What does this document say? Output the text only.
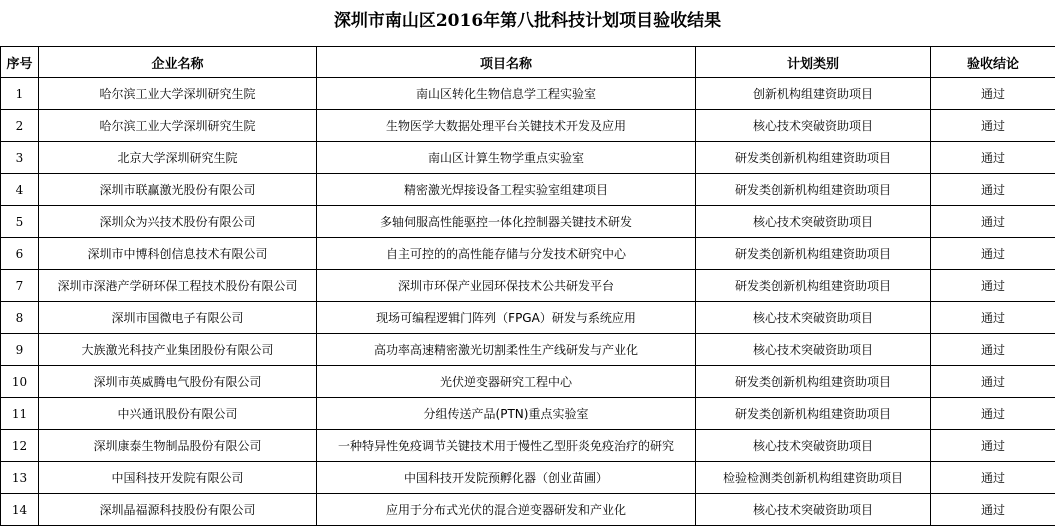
深圳市南山区2016年第八批科技计划项目验收结果
序号	企业名称	项目名称	计划类别	验收结论
1	哈尔滨工业大学深圳研究生院	南山区转化生物信息学工程实验室	创新机构组建资助项目	通过
2	哈尔滨工业大学深圳研究生院	生物医学大数据处理平台关键技术开发及应用	核心技术突破资助项目	通过
3	北京大学深圳研究生院	南山区计算生物学重点实验室	研发类创新机构组建资助项目	通过
4	深圳市联赢激光股份有限公司	精密激光焊接设备工程实验室组建项目	研发类创新机构组建资助项目	通过
5	深圳众为兴技术股份有限公司	多轴伺服高性能驱控一体化控制器关键技术研发	核心技术突破资助项目	通过
6	深圳市中博科创信息技术有限公司	自主可控的的高性能存储与分发技术研究中心	研发类创新机构组建资助项目	通过
7	深圳市深港产学研环保工程技术股份有限公司	深圳市环保产业园环保技术公共研发平台	研发类创新机构组建资助项目	通过
8	深圳市国微电子有限公司	现场可编程逻辑门阵列（FPGA）研发与系统应用	核心技术突破资助项目	通过
9	大族激光科技产业集团股份有限公司	高功率高速精密激光切割柔性生产线研发与产业化	核心技术突破资助项目	通过
10	深圳市英威腾电气股份有限公司	光伏逆变器研究工程中心	研发类创新机构组建资助项目	通过
11	中兴通讯股份有限公司	分组传送产品(PTN)重点实验室	研发类创新机构组建资助项目	通过
12	深圳康泰生物制品股份有限公司	一种特异性免疫调节关键技术用于慢性乙型肝炎免疫治疗的研究	核心技术突破资助项目	通过
13	中国科技开发院有限公司	中国科技开发院预孵化器（创业苗圃）	检验检测类创新机构组建资助项目	通过
14	深圳晶福源科技股份有限公司	应用于分布式光伏的混合逆变器研发和产业化	核心技术突破资助项目	通过
